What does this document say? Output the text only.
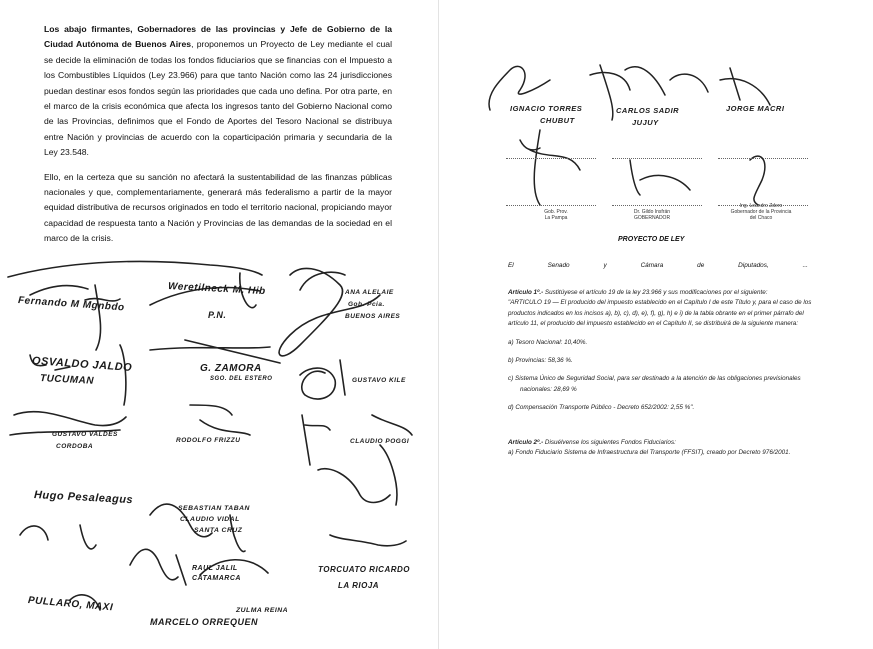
Los abajo firmantes, Gobernadores de las provincias y Jefe de Gobierno de la Ciudad Autónoma de Buenos Aires, proponemos un Proyecto de Ley mediante el cual se decide la eliminación de todas los fondos fiduciarios que se financias con el Impuesto a los Combustibles Líquidos (Ley 23.966) para que tanto Nación como las 24 jurisdicciones puedan destinar esos fondos según las prioridades que cada uno defina. Por otra parte, en el marco de la crisis económica que afecta los ingresos tanto del Gobierno Nacional como de las Provincias, definimos que el Fondo de Aportes del Tesoro Nacional se distribuya entre Nación y provincias de acuerdo con la coparticipación primaria y secundaria de la Ley 23.548.

Ello, en la certeza que su sanción no afectará la sustentabilidad de las finanzas públicas nacionales y que, complementariamente, generará más federalismo a partir de la mayor equidad distributiva de recursos originados en todo el territorio nacional, propiciando mayor capacidad de respuesta tanto a Nación y Provincias de las demandas de la sociedad en el marco de la crisis.

Fernando M Mgnbdo
Weretilneck M. Hib	ANA ALELAIE
Gob. Pcia.
BUENOS AIRES
P.N.
OSVALDO JALDO
TUCUMAN
G. ZAMORA
SGO. DEL ESTERO	GUSTAVO KILE
GUSTAVO VALDES
CORDOBA
RODOLFO FRIZZU	CLAUDIO POGGI
Hugo Pesaleagus
SEBASTIAN TABAN
CLAUDIO VIDAL
SANTA CRUZ
RAUL JALIL
CATAMARCA
TORCUATO RICARDO
LA RIOJA
PULLARO, MAXI	ZULMA REINA
MARCELO ORREQUEN
IGNACIO TORRES
CHUBUT
CARLOS SADIR
JUJUY
JORGE MACRI
Gob. Prov.
La Pampa
Dr. Gildo Insfrán
GOBERNADOR
Ing. Leandro Zdero
Gobernador de la Provincia del Chaco
PROYECTO DE LEY
El	Senado	y	Cámara	de	Diputados,	...

Artículo 1º.- Sustitúyese el artículo 19 de la ley 23.966 y sus modificaciones por el siguiente:

"ARTICULO 19 — El producido del impuesto establecido en el Capítulo I de este Título y, para el caso de los productos indicados en los incisos a), b), c), d), e), f), g), h) e i) de la tabla obrante en el primer párrafo del artículo 11, el producido del impuesto establecido en el Capítulo II, se distribuirá de la siguiente manera:

a) Tesoro Nacional: 10,40%.

b) Provincias: 58,36 %.

c) Sistema Único de Seguridad Social, para ser destinado a la atención de las obligaciones previsionales nacionales: 28,69 %

d) Compensación Transporte Público - Decreto 652/2002: 2,55 %".

Artículo 2º.- Disuélvense los siguientes Fondos Fiduciarios:

a) Fondo Fiduciario Sistema de Infraestructura del Transporte (FFSIT), creado por Decreto 976/2001.
